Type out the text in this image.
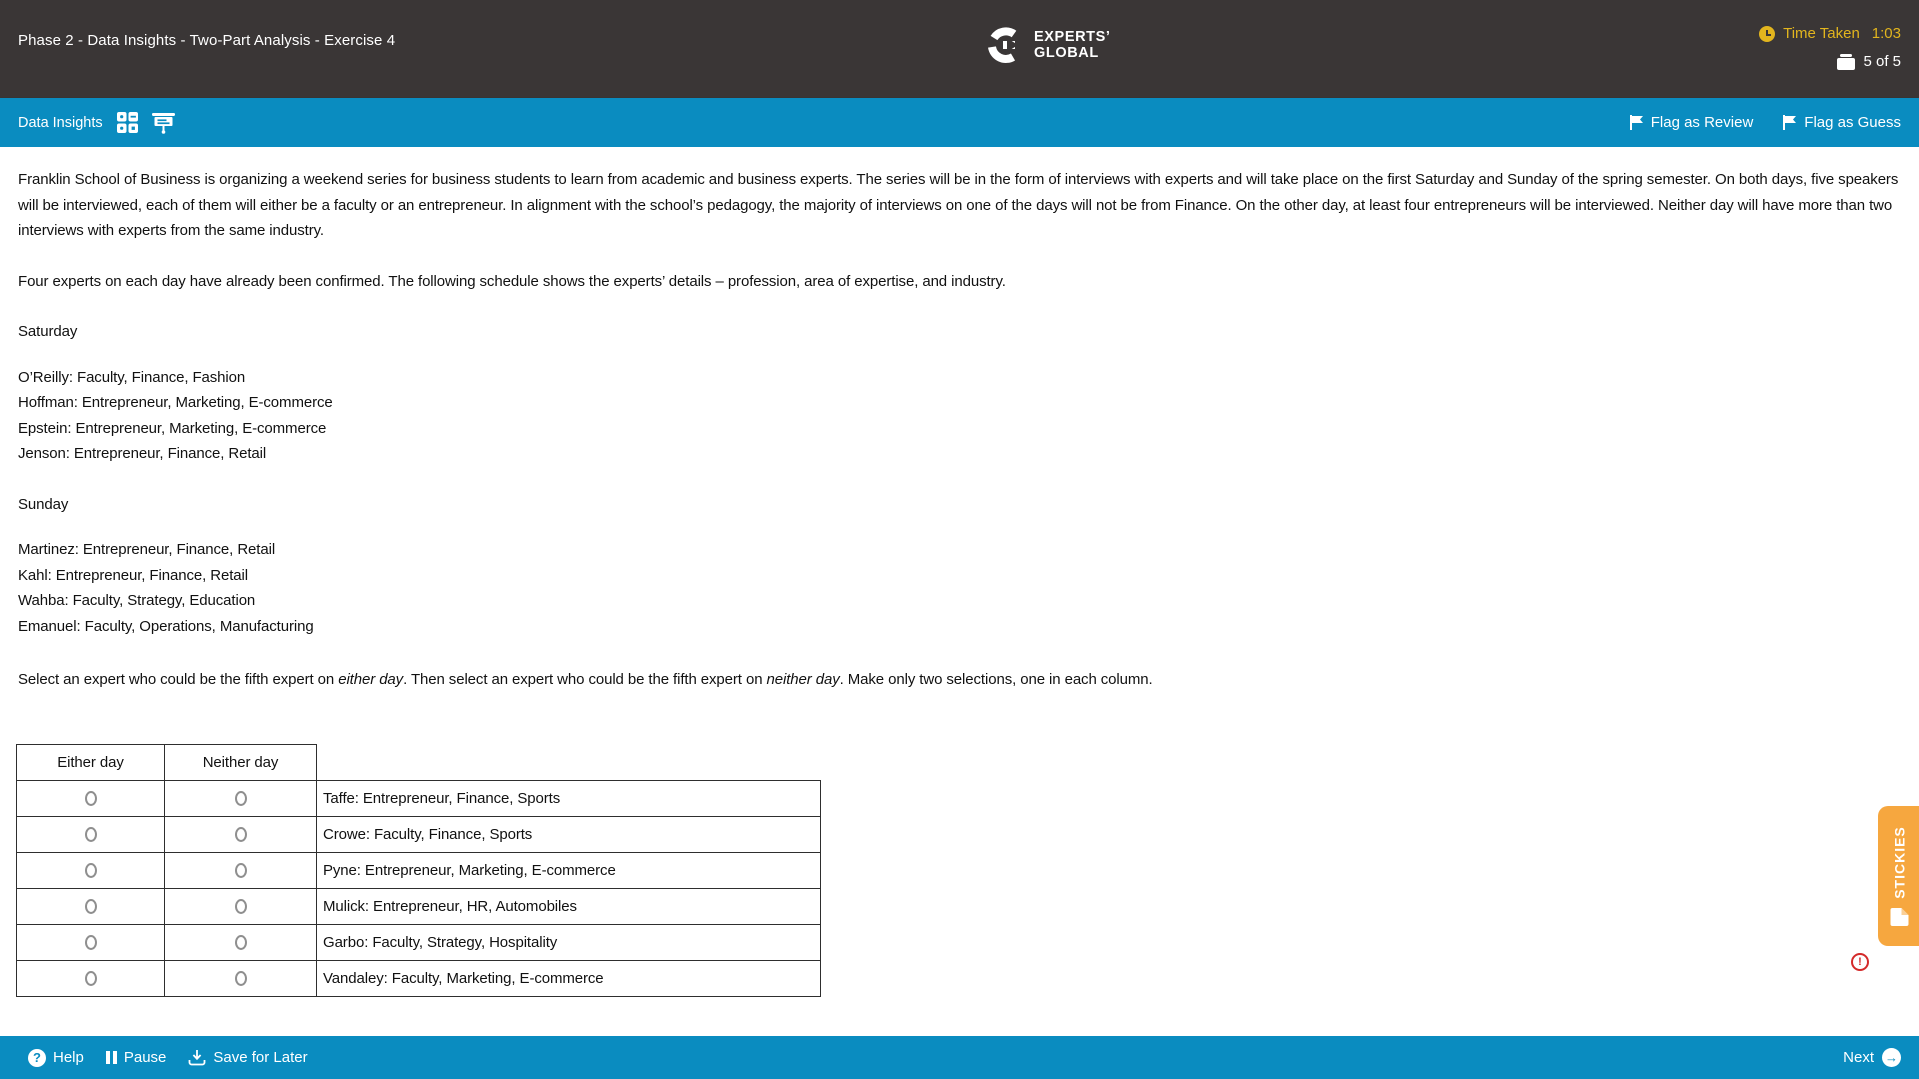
Phase 2 - Data Insights - Two-Part Analysis - Exercise 4	EXPERTS’
GLOBAL
Time Taken 1:03
5 of 5
Data Insights	Flag as Review	Flag as Guess

Franklin School of Business is organizing a weekend series for business students to learn from academic and business experts. The series will be in the form of interviews with experts and will take place on the first Saturday and Sunday of the spring semester. On both days, five speakers will be interviewed, each of them will either be a faculty or an entrepreneur. In alignment with the school’s pedagogy, the majority of interviews on one of the days will not be from Finance. On the other day, at least four entrepreneurs will be interviewed. Neither day will have more than two interviews with experts from the same industry.

Four experts on each day have already been confirmed. The following schedule shows the experts’ details – profession, area of expertise, and industry.

Saturday
O’Reilly: Faculty, Finance, Fashion
Hoffman: Entrepreneur, Marketing, E-commerce
Epstein: Entrepreneur, Marketing, E-commerce
Jenson: Entrepreneur, Finance, Retail
Sunday
Martinez: Entrepreneur, Finance, Retail
Kahl: Entrepreneur, Finance, Retail
Wahba: Faculty, Strategy, Education
Emanuel: Faculty, Operations, Manufacturing
Select an expert who could be the fifth expert on either day. Then select an expert who could be the fifth expert on neither day. Make only two selections, one in each column.
Either day	Neither day	
		Taffe: Entrepreneur, Finance, Sports
		Crowe: Faculty, Finance, Sports
		Pyne: Entrepreneur, Marketing, E-commerce
		Mulick: Entrepreneur, HR, Automobiles
		Garbo: Faculty, Strategy, Hospitality
		Vandaley: Faculty, Marketing, E-commerce
STICKIES
!
? Help	Pause	Save for Later	Next →
